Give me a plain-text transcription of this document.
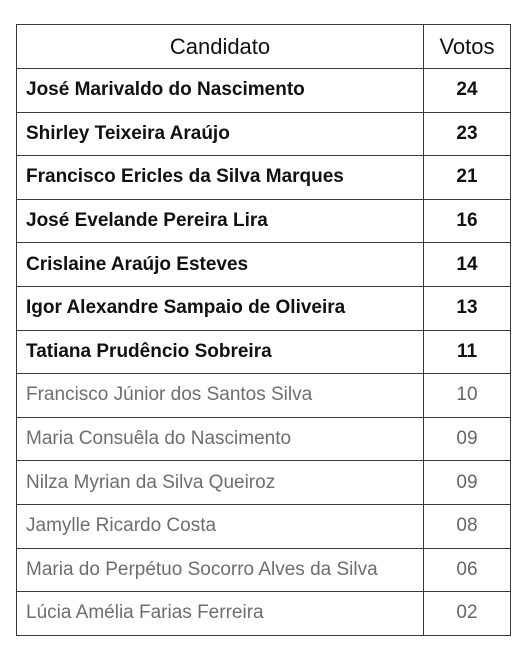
Candidato	Votos
José Marivaldo do Nascimento	24
Shirley Teixeira Araújo	23
Francisco Ericles da Silva Marques	21
José Evelande Pereira Lira	16
Crislaine Araújo Esteves	14
Igor Alexandre Sampaio de Oliveira	13
Tatiana Prudêncio Sobreira	11
Francisco Júnior dos Santos Silva	10
Maria Consuêla do Nascimento	09
Nilza Myrian da Silva Queiroz	09
Jamylle Ricardo Costa	08
Maria do Perpétuo Socorro Alves da Silva	06
Lúcia Amélia Farias Ferreira	02
